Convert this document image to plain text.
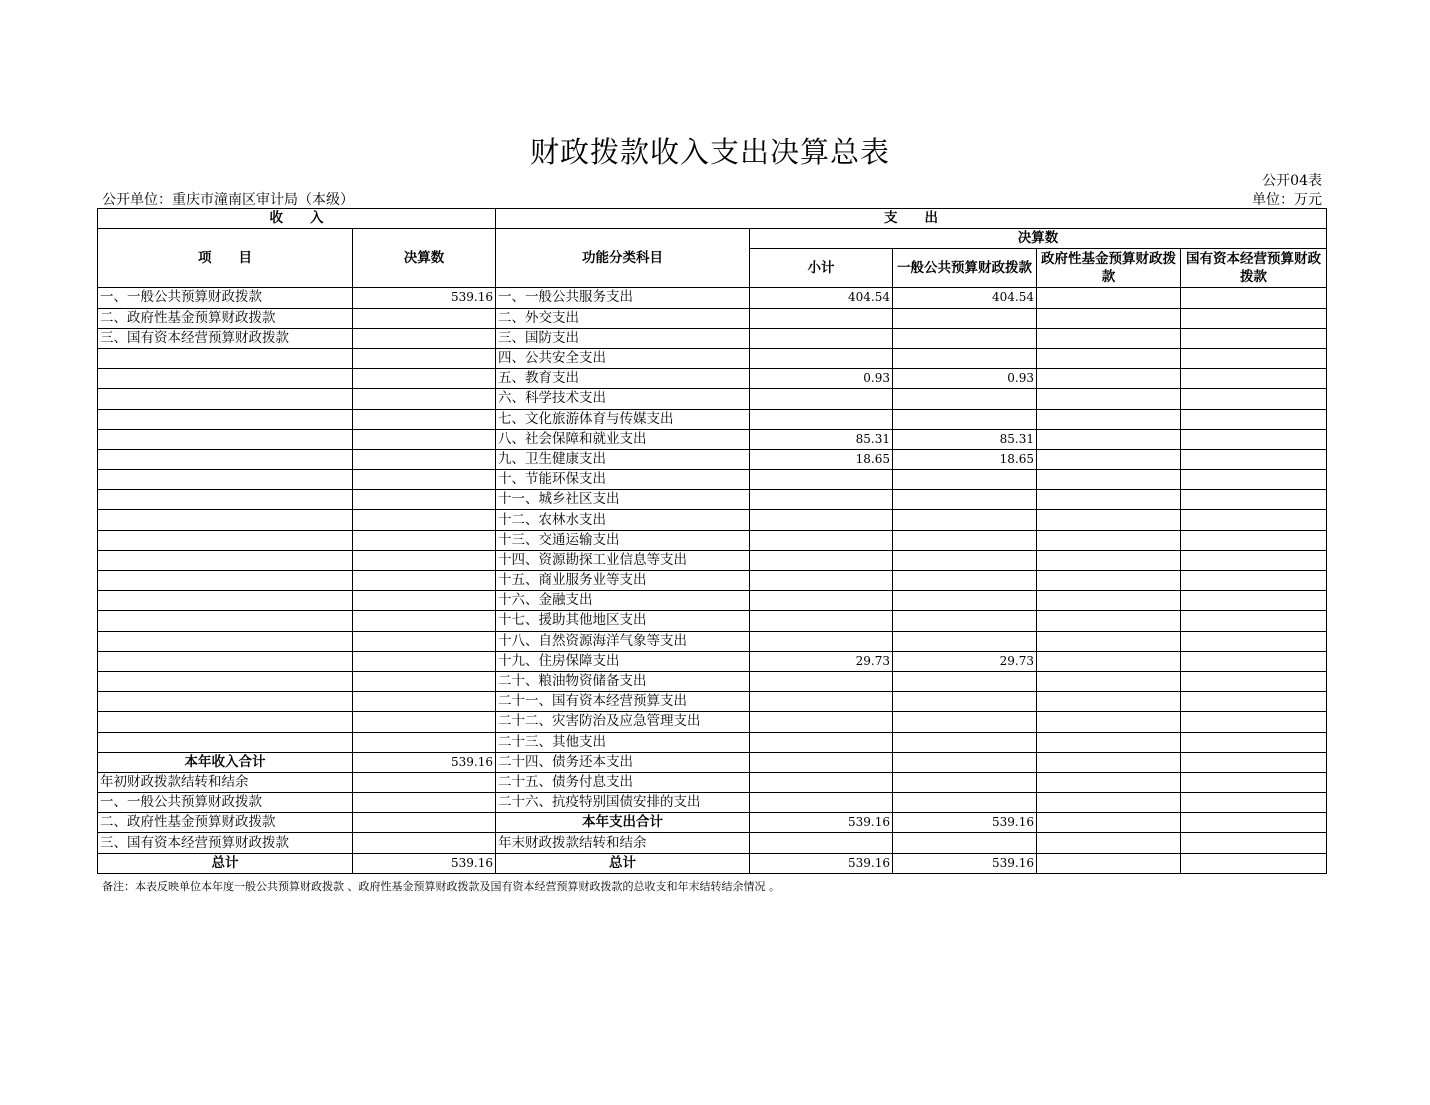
财政拨款收入支出决算总表
公开04表
公开单位：重庆市潼南区审计局（本级）	单位：万元
收　　入		支　　出				
项　　目	决算数	功能分类科目	决算数			
			小计	一般公共预算财政拨款	政府性基金预算财政拨款	国有资本经营预算财政拨款
一、一般公共预算财政拨款	539.16	一、一般公共服务支出	404.54	404.54		
二、政府性基金预算财政拨款		二、外交支出				
三、国有资本经营预算财政拨款		三、国防支出				
		四、公共安全支出				
		五、教育支出	0.93	0.93		
		六、科学技术支出				
		七、文化旅游体育与传媒支出				
		八、社会保障和就业支出	85.31	85.31		
		九、卫生健康支出	18.65	18.65		
		十、节能环保支出				
		十一、城乡社区支出				
		十二、农林水支出				
		十三、交通运输支出				
		十四、资源勘探工业信息等支出				
		十五、商业服务业等支出				
		十六、金融支出				
		十七、援助其他地区支出				
		十八、自然资源海洋气象等支出				
		十九、住房保障支出	29.73	29.73		
		二十、粮油物资储备支出				
		二十一、国有资本经营预算支出				
		二十二、灾害防治及应急管理支出				
		二十三、其他支出				
本年收入合计	539.16	二十四、债务还本支出				
年初财政拨款结转和结余		二十五、债务付息支出				
一、一般公共预算财政拨款		二十六、抗疫特别国债安排的支出				
二、政府性基金预算财政拨款		本年支出合计	539.16	539.16		
三、国有资本经营预算财政拨款		年末财政拨款结转和结余				
总计	539.16	总计	539.16	539.16		
备注：本表反映单位本年度一般公共预算财政拨款 、政府性基金预算财政拨款及国有资本经营预算财政拨款的总收支和年末结转结余情况 。
